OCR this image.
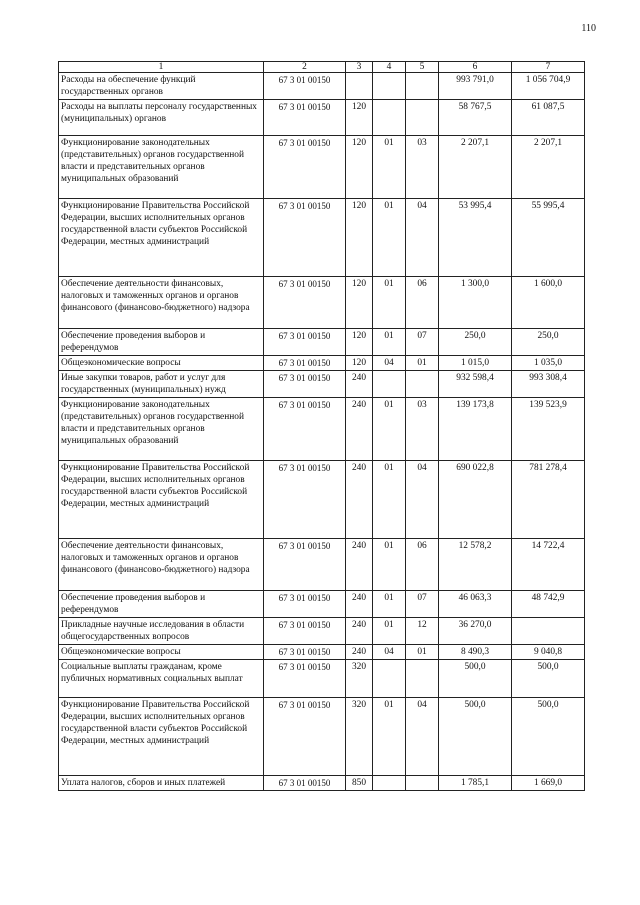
110
1	2	3	4	5	6	7
Расходы на обеспечение функций государственных органов	67 3 01 00150				993 791,0	1 056 704,9
Расходы на выплаты персоналу государственных (муниципальных) органов	67 3 01 00150	120			58 767,5	61 087,5
Функционирование законодательных (представительных) органов государственной власти и представительных органов муниципальных образований	67 3 01 00150	120	01	03	2 207,1	2 207,1
Функционирование Правительства Российской Федерации, высших исполнительных органов государственной власти субъектов Российской Федерации, местных администраций	67 3 01 00150	120	01	04	53 995,4	55 995,4
Обеспечение деятельности финансовых, налоговых и таможенных органов и органов финансового (финансово-бюджетного) надзора	67 3 01 00150	120	01	06	1 300,0	1 600,0
Обеспечение проведения выборов и референдумов	67 3 01 00150	120	01	07	250,0	250,0
Общеэкономические вопросы	67 3 01 00150	120	04	01	1 015,0	1 035,0
Иные закупки товаров, работ и услуг для государственных (муниципальных) нужд	67 3 01 00150	240			932 598,4	993 308,4
Функционирование законодательных (представительных) органов государственной власти и представительных органов муниципальных образований	67 3 01 00150	240	01	03	139 173,8	139 523,9
Функционирование Правительства Российской Федерации, высших исполнительных органов государственной власти субъектов Российской Федерации, местных администраций	67 3 01 00150	240	01	04	690 022,8	781 278,4
Обеспечение деятельности финансовых, налоговых и таможенных органов и органов финансового (финансово-бюджетного) надзора	67 3 01 00150	240	01	06	12 578,2	14 722,4
Обеспечение проведения выборов и референдумов	67 3 01 00150	240	01	07	46 063,3	48 742,9
Прикладные научные исследования в области общегосударственных вопросов	67 3 01 00150	240	01	12	36 270,0	
Общеэкономические вопросы	67 3 01 00150	240	04	01	8 490,3	9 040,8
Социальные выплаты гражданам, кроме публичных нормативных социальных выплат	67 3 01 00150	320			500,0	500,0
Функционирование Правительства Российской Федерации, высших исполнительных органов государственной власти субъектов Российской Федерации, местных администраций	67 3 01 00150	320	01	04	500,0	500,0
Уплата налогов, сборов и иных платежей	67 3 01 00150	850			1 785,1	1 669,0
